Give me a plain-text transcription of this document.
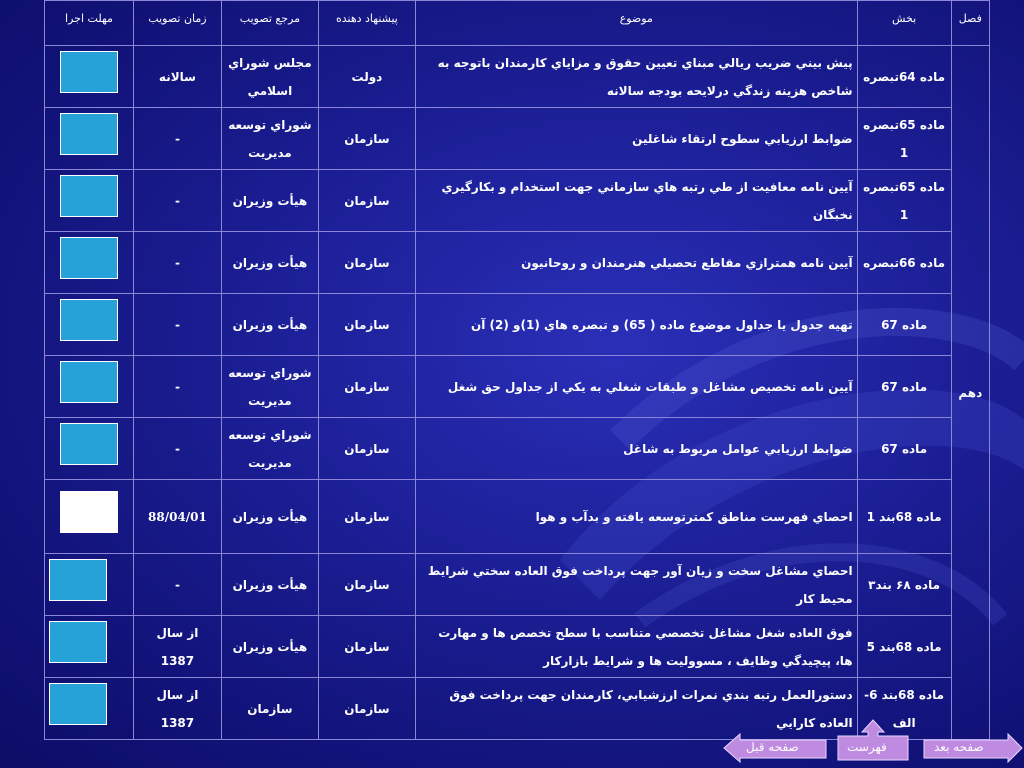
فصل	بخش	موضوع	پيشنهاد دهنده	مرجع تصويب	زمان تصويب	مهلت اجرا
دهم	ماده 64تبصره	پيش بيني ضريب ريالي مبناي تعيين حقوق و مزاياي كارمندان باتوجه به شاخص هزينه زندگي درلايحه بودجه سالانه	دولت	مجلس شوراي اسلامي	سالانه	
	ماده 65تبصره 1	ضوابط ارزيابي سطوح ارتقاء شاغلين	سازمان	شوراي توسعه مديريت	-	
	ماده 65تبصره 1	آيين نامه معافيت از طي رتبه هاي سازماني جهت استخدام و بكارگيري نخبگان	سازمان	هيأت وزيران	-	
	ماده 66تبصره	آيين نامه همترازي مقاطع تحصيلي هنرمندان و روحانيون	سازمان	هيأت وزيران	-	
	ماده 67	تهيه جدول يا جداول موضوع ماده ( 65) و تبصره هاي (1)و (2) آن	سازمان	هيأت وزيران	-	
	ماده 67	آيين نامه تخصيص مشاغل و طبقات شغلي به يكي از جداول حق شغل	سازمان	شوراي توسعه مديريت	-	
	ماده 67	ضوابط ارزيابي عوامل مربوط به شاغل	سازمان	شوراي توسعه مديريت	-	
	ماده 68بند 1	احصاي فهرست مناطق كمترتوسعه يافته و بدآب و هوا	سازمان	هيأت وزيران	88/04/01	
	ماده ۶۸ بند۳	احصاي مشاغل سخت و زيان آور جهت پرداخت فوق العاده سختي شرايط محيط كار	سازمان	هيأت وزيران	-	
	ماده 68بند 5	فوق العاده شغل مشاغل تخصصي متناسب با سطح تخصص ها و مهارت ها، پيچيدگي وظايف ، مسووليت ها و شرايط بازاركار	سازمان	هيأت وزيران	از سال 1387	
	ماده 68بند 6-الف	دستورالعمل رتبه بندي نمرات ارزشيابي، كارمندان جهت پرداخت فوق العاده كارايي	سازمان	سازمان	از سال 1387	
صفحه قبل	فهرست	صفحه بعد
